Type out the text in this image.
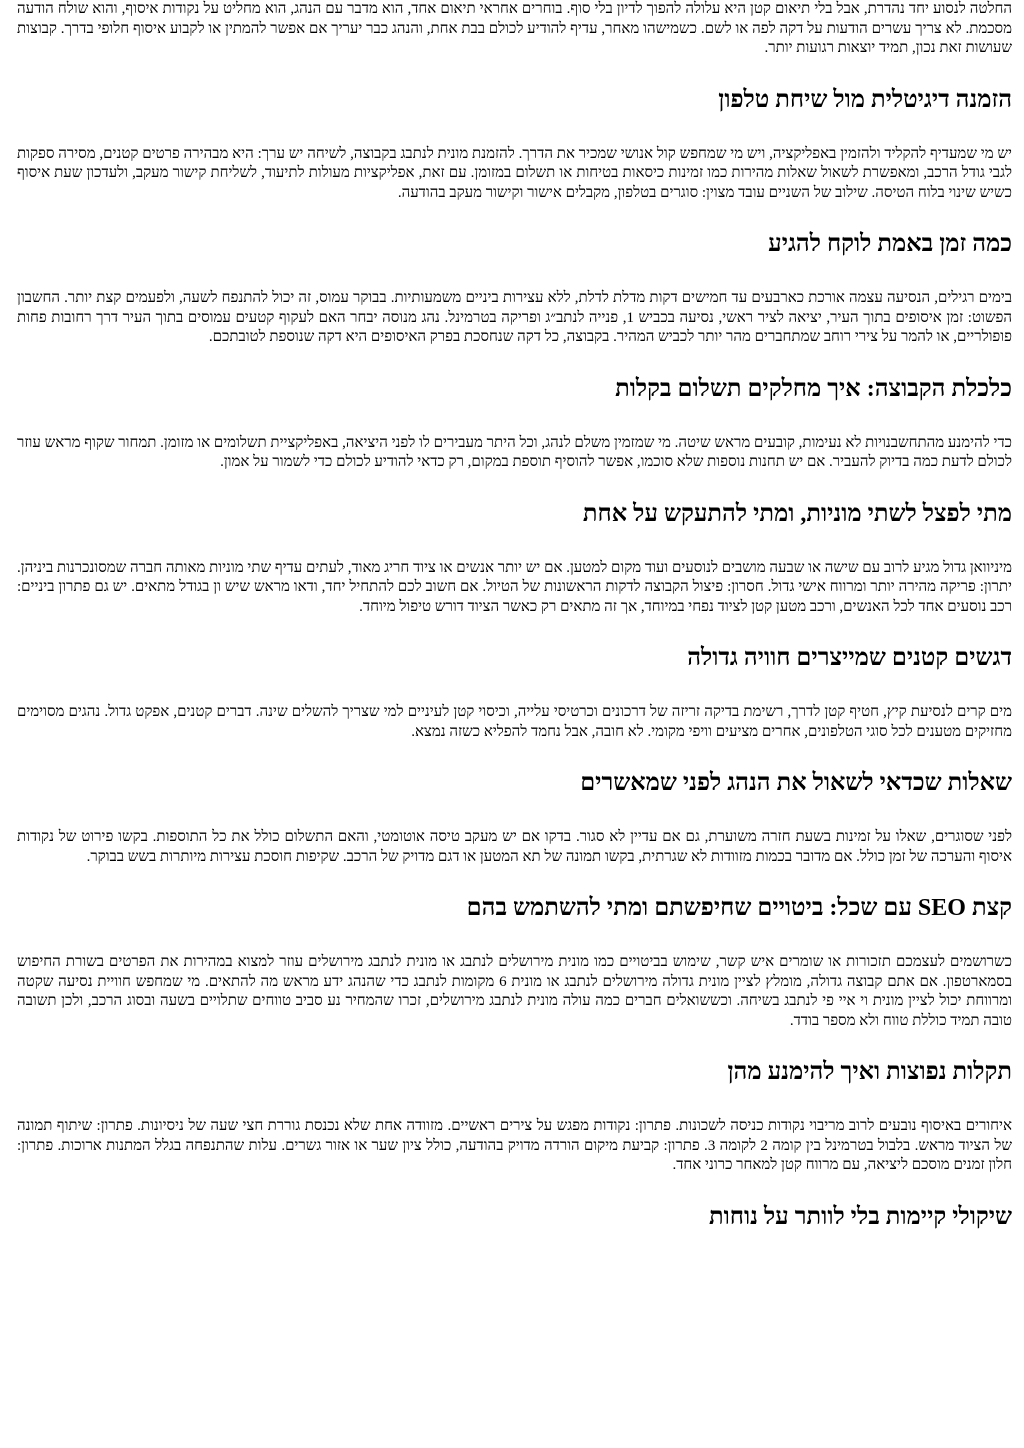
החלטה לנסוע יחד נהדרת, אבל בלי תיאום קטן היא עלולה להפוך לדיון בלי סוף. בוחרים אחראי תיאום אחד, הוא מדבר עם הנהג, הוא מחליט על נקודות איסוף, והוא שולח הודעה מסכמת. לא צריך עשרים הודעות על דקה לפה או לשם. כשמישהו מאחר, עדיף להודיע לכולם בבת אחת, והנהג כבר יעריך אם אפשר להמתין או לקבוע איסוף חלופי בדרך. קבוצות שעושות זאת נכון, תמיד יוצאות רגועות יותר.

הזמנה דיגיטלית מול שיחת טלפון

יש מי שמעדיף להקליד ולהזמין באפליקציה, ויש מי שמחפש קול אנושי שמכיר את הדרך. להזמנת מונית לנתבג בקבוצה, לשיחה יש ערך: היא מבהירה פרטים קטנים, מסירה ספקות לגבי גודל הרכב, ומאפשרת לשאול שאלות מהירות כמו זמינות כיסאות בטיחות או תשלום במזומן. עם זאת, אפליקציות מעולות לתיעוד, לשליחת קישור מעקב, ולעדכון שעת איסוף כשיש שינוי בלוח הטיסה. שילוב של השניים עובד מצוין: סוגרים בטלפון, מקבלים אישור וקישור מעקב בהודעה.

כמה זמן באמת לוקח להגיע

בימים רגילים, הנסיעה עצמה אורכת כארבעים עד חמישים דקות מדלת לדלת, ללא עצירות ביניים משמעותיות. בבוקר עמוס, זה יכול להתנפח לשעה, ולפעמים קצת יותר. החשבון הפשוט: זמן איסופים בתוך העיר, יציאה לציר ראשי, נסיעה בכביש 1, פנייה לנתב״ג ופריקה בטרמינל. נהג מנוסה יבחר האם לעקוף קטעים עמוסים בתוך העיר דרך רחובות פחות פופולריים, או להמר על צירי רוחב שמתחברים מהר יותר לכביש המהיר. בקבוצה, כל דקה שנחסכת בפרק האיסופים היא דקה שנוספת לטובתכם.

כלכלת הקבוצה: איך מחלקים תשלום בקלות

כדי להימנע מהתחשבנויות לא נעימות, קובעים מראש שיטה. מי שמזמין משלם לנהג, וכל היתר מעבירים לו לפני היציאה, באפליקציית תשלומים או מזומן. תמחור שקוף מראש עוזר לכולם לדעת כמה בדיוק להעביר. אם יש תחנות נוספות שלא סוכמו, אפשר להוסיף תוספת במקום, רק כדאי להודיע לכולם כדי לשמור על אמון.

מתי לפצל לשתי מוניות, ומתי להתעקש על אחת

מיניוואן גדול מגיע לרוב עם שישה או שבעה מושבים לנוסעים ועוד מקום למטען. אם יש יותר אנשים או ציוד חריג מאוד, לעתים עדיף שתי מוניות מאותה חברה שמסונכרנות ביניהן. יתרון: פריקה מהירה יותר ומרווח אישי גדול. חסרון: פיצול הקבוצה לדקות הראשונות של הטיול. אם חשוב לכם להתחיל יחד, ודאו מראש שיש ון בגודל מתאים. יש גם פתרון ביניים: רכב נוסעים אחד לכל האנשים, ורכב מטען קטן לציוד נפחי במיוחד, אך זה מתאים רק כאשר הציוד דורש טיפול מיוחד.

דגשים קטנים שמייצרים חוויה גדולה

מים קרים לנסיעת קיץ, חטיף קטן לדרך, רשימת בדיקה זריזה של דרכונים וכרטיסי עלייה, וכיסוי קטן לעיניים למי שצריך להשלים שינה. דברים קטנים, אפקט גדול. נהגים מסוימים מחזיקים מטענים לכל סוגי הטלפונים, אחרים מציעים וויפי מקומי. לא חובה, אבל נחמד להפליא כשזה נמצא.

שאלות שכדאי לשאול את הנהג לפני שמאשרים

לפני שסוגרים, שאלו על זמינות בשעת חזרה משוערת, גם אם עדיין לא סגור. בדקו אם יש מעקב טיסה אוטומטי, והאם התשלום כולל את כל התוספות. בקשו פירוט של נקודות איסוף והערכה של זמן כולל. אם מדובר בכמות מזוודות לא שגרתית, בקשו תמונה של תא המטען או דגם מדויק של הרכב. שקיפות חוסכת עצירות מיותרות בשש בבוקר.

קצת SEO עם שכל: ביטויים שחיפשתם ומתי להשתמש בהם

כשרושמים לעצמכם תזכורות או שומרים איש קשר, שימוש בביטויים כמו מונית מירושלים לנתבג או מונית לנתבג מירושלים עוזר למצוא במהירות את הפרטים בשורת החיפוש בסמארטפון. אם אתם קבוצה גדולה, מומלץ לציין מונית גדולה מירושלים לנתבג או מונית 6 מקומות לנתבג כדי שהנהג ידע מראש מה להתאים. מי שמחפש חוויית נסיעה שקטה ומרווחת יכול לציין מונית וי איי פי לנתבג בשיחה. וכששואלים חברים כמה עולה מונית לנתבג מירושלים, זכרו שהמחיר נע סביב טווחים שתלויים בשעה ובסוג הרכב, ולכן תשובה טובה תמיד כוללת טווח ולא מספר בודד.

תקלות נפוצות ואיך להימנע מהן

איחורים באיסוף נובעים לרוב מריבוי נקודות כניסה לשכונות. פתרון: נקודות מפגש על צירים ראשיים. מזוודה אחת שלא נכנסת גוררת חצי שעה של ניסיונות. פתרון: שיתוף תמונה של הציוד מראש. בלבול בטרמינל בין קומה 2 לקומה 3. פתרון: קביעת מיקום הורדה מדויק בהודעה, כולל ציון שער או אזור גשרים. עלות שהתנפחה בגלל המתנות ארוכות. פתרון: חלון זמנים מוסכם ליציאה, עם מרווח קטן למאחר כרוני אחד.

שיקולי קיימות בלי לוותר על נוחות
